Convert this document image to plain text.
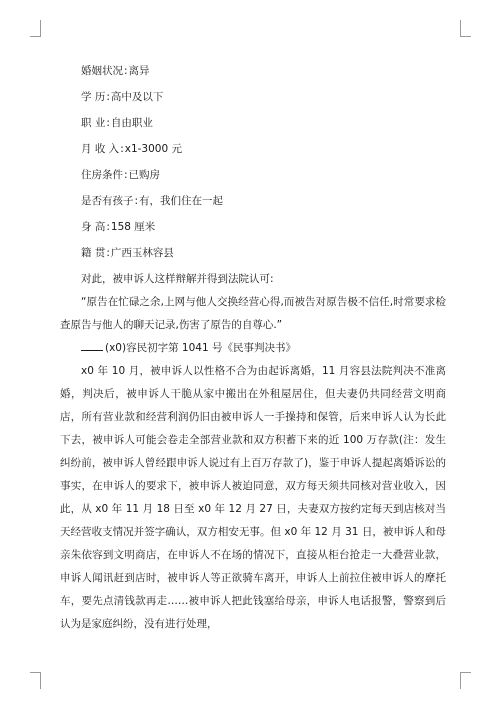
婚姻状况:离异
学 历:高中及以下
职 业:自由职业
月 收 入:x1-3000 元
住房条件:已购房
是否有孩子:有，我们住在一起
身 高:158 厘米
籍 贯:广西玉林容县

对此，被申诉人这样辩解并得到法院认可:

“原告在忙碌之余,上网与他人交换经营心得,而被告对原告极不信任,时常要求检查原告与他人的聊天记录,伤害了原告的自尊心.”

(x0)容民初字第 1041 号《民事判决书》

x0 年 10 月，被申诉人以性格不合为由起诉离婚，11 月容县法院判决不准离婚，判决后，被申诉人干脆从家中搬出在外租屋居住，但夫妻仍共同经营文明商店，所有营业款和经营利润仍旧由被申诉人一手操持和保管，后来申诉人认为长此下去，被申诉人可能会卷走全部营业款和双方积蓄下来的近 100 万存款(注：发生纠纷前，被申诉人曾经跟申诉人说过有上百万存款了)，鉴于申诉人提起离婚诉讼的事实，在申诉人的要求下，被申诉人被迫同意，双方每天须共同核对营业收入，因此，从 x0 年 11 月 18 日至 x0 年 12 月 27 日，夫妻双方按约定每天到店核对当天经营收支情况并签字确认，双方相安无事。但 x0 年 12 月 31 日，被申诉人和母亲朱依容到文明商店，在申诉人不在场的情况下，直接从柜台抢走一大叠营业款，申诉人闻讯赶到店时，被申诉人等正欲骑车离开，申诉人上前拉住被申诉人的摩托车，要先点清钱款再走……被申诉人把此钱塞给母亲，申诉人电话报警，警察到后认为是家庭纠纷，没有进行处理，
